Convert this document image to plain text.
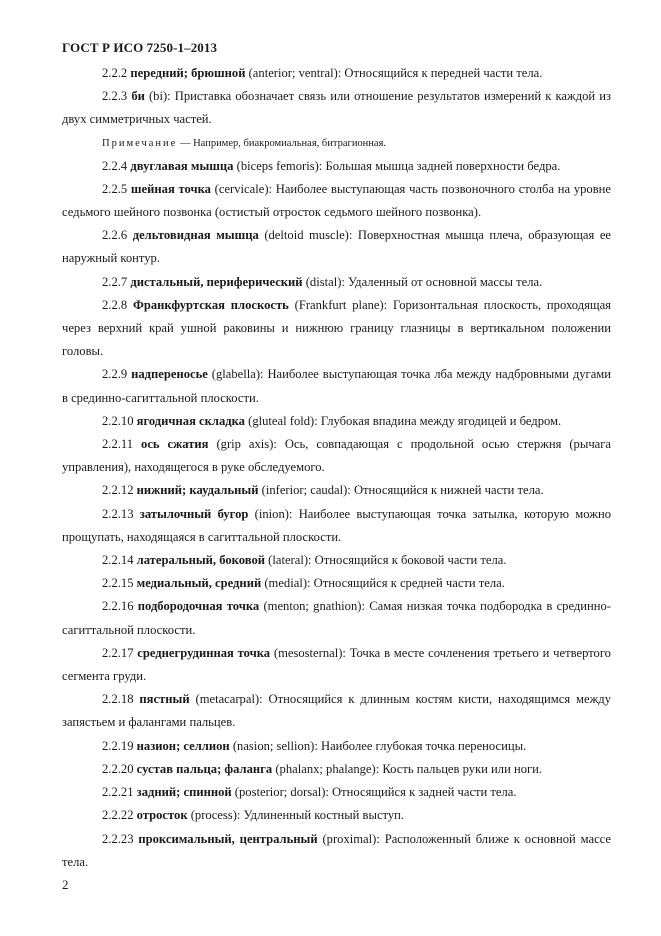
ГОСТ Р ИСО 7250-1–2013

2.2.2 передний; брюшной (anterior; ventral): Относящийся к передней части тела.

2.2.3 би (bi): Приставка обозначает связь или отношение результатов измерений к каждой из двух симметричных частей.

Примечание — Например, биакромиальная, битрагионная.

2.2.4 двуглавая мышца (biceps femoris): Большая мышца задней поверхности бедра.

2.2.5 шейная точка (cervicale): Наиболее выступающая часть позвоночного столба на уровне седьмого шейного позвонка (остистый отросток седьмого шейного позвонка).

2.2.6 дельтовидная мышца (deltoid muscle): Поверхностная мышца плеча, образующая ее наружный контур.

2.2.7 дистальный, периферический (distal): Удаленный от основной массы тела.

2.2.8 Франкфуртская плоскость (Frankfurt plane): Горизонтальная плоскость, проходящая через верхний край ушной раковины и нижнюю границу глазницы в вертикальном положении головы.

2.2.9 надпереносье (glabella): Наиболее выступающая точка лба между надбровными дугами в срединно-сагиттальной плоскости.

2.2.10 ягодичная складка (gluteal fold): Глубокая впадина между ягодицей и бедром.

2.2.11 ось сжатия (grip axis): Ось, совпадающая с продольной осью стержня (рычага управления), находящегося в руке обследуемого.

2.2.12 нижний; каудальный (inferior; caudal): Относящийся к нижней части тела.

2.2.13 затылочный бугор (inion): Наиболее выступающая точка затылка, которую можно прощупать, находящаяся в сагиттальной плоскости.

2.2.14 латеральный, боковой (lateral): Относящийся к боковой части тела.

2.2.15 медиальный, средний (medial): Относящийся к средней части тела.

2.2.16 подбородочная точка (menton; gnathion): Самая низкая точка подбородка в срединно-сагиттальной плоскости.

2.2.17 среднегрудинная точка (mesosternal): Точка в месте сочленения третьего и четвертого сегмента груди.

2.2.18 пястный (metacarpal): Относящийся к длинным костям кисти, находящимся между запястьем и фалангами пальцев.

2.2.19 назион; селлион (nasion; sellion): Наиболее глубокая точка переносицы.

2.2.20 сустав пальца; фаланга (phalanx; phalange): Кость пальцев руки или ноги.

2.2.21 задний; спинной (posterior; dorsal): Относящийся к задней части тела.

2.2.22 отросток (process): Удлиненный костный выступ.

2.2.23 проксимальный, центральный (proximal): Расположенный ближе к основной массе тела.

2
